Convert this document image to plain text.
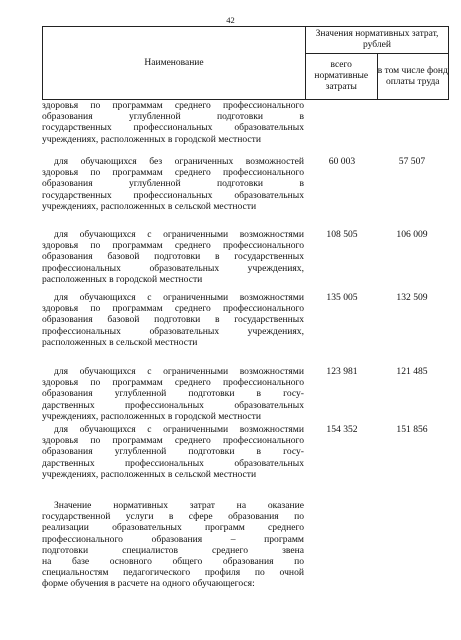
42
Наименование	Значения нормативных затрат, рублей	
	всего нормативные затраты	в том числе фонд оплаты труда
здоровья по программам среднего профессионального
образования углубленной подготовки в
государственных профессиональных образовательных
учреждениях, расположенных в городской местности
для обучающихся без ограниченных возможностей
здоровья по программам среднего профессионального
образования углубленной подготовки в
государственных профессиональных образовательных
учреждениях, расположенных в сельской местности
60 003	57 507
для обучающихся с ограниченными возможностями
здоровья по программам среднего профессионального
образования базовой подготовки в государственных
профессиональных образовательных учреждениях,
расположенных в городской местности
108 505	106 009
для обучающихся с ограниченными возможностями
здоровья по программам среднего профессионального
образования базовой подготовки в государственных
профессиональных образовательных учреждениях,
расположенных в сельской местности
135 005	132 509
для обучающихся с ограниченными возможностями
здоровья по программам среднего профессионального
образования углубленной подготовки в госу-
дарственных профессиональных образовательных
учреждениях, расположенных в городской местности
123 981	121 485
для обучающихся с ограниченными возможностями
здоровья по программам среднего профессионального
образования углубленной подготовки в госу-
дарственных профессиональных образовательных
учреждениях, расположенных в сельской местности
154 352	151 856
Значение нормативных затрат на оказание
государственной услуги в сфере образования по
реализации образовательных программ среднего
профессионального образования – программ
подготовки специалистов среднего звена
на базе основного общего образования по
специальностям педагогического профиля по очной
форме обучения в расчете на одного обучающегося:
